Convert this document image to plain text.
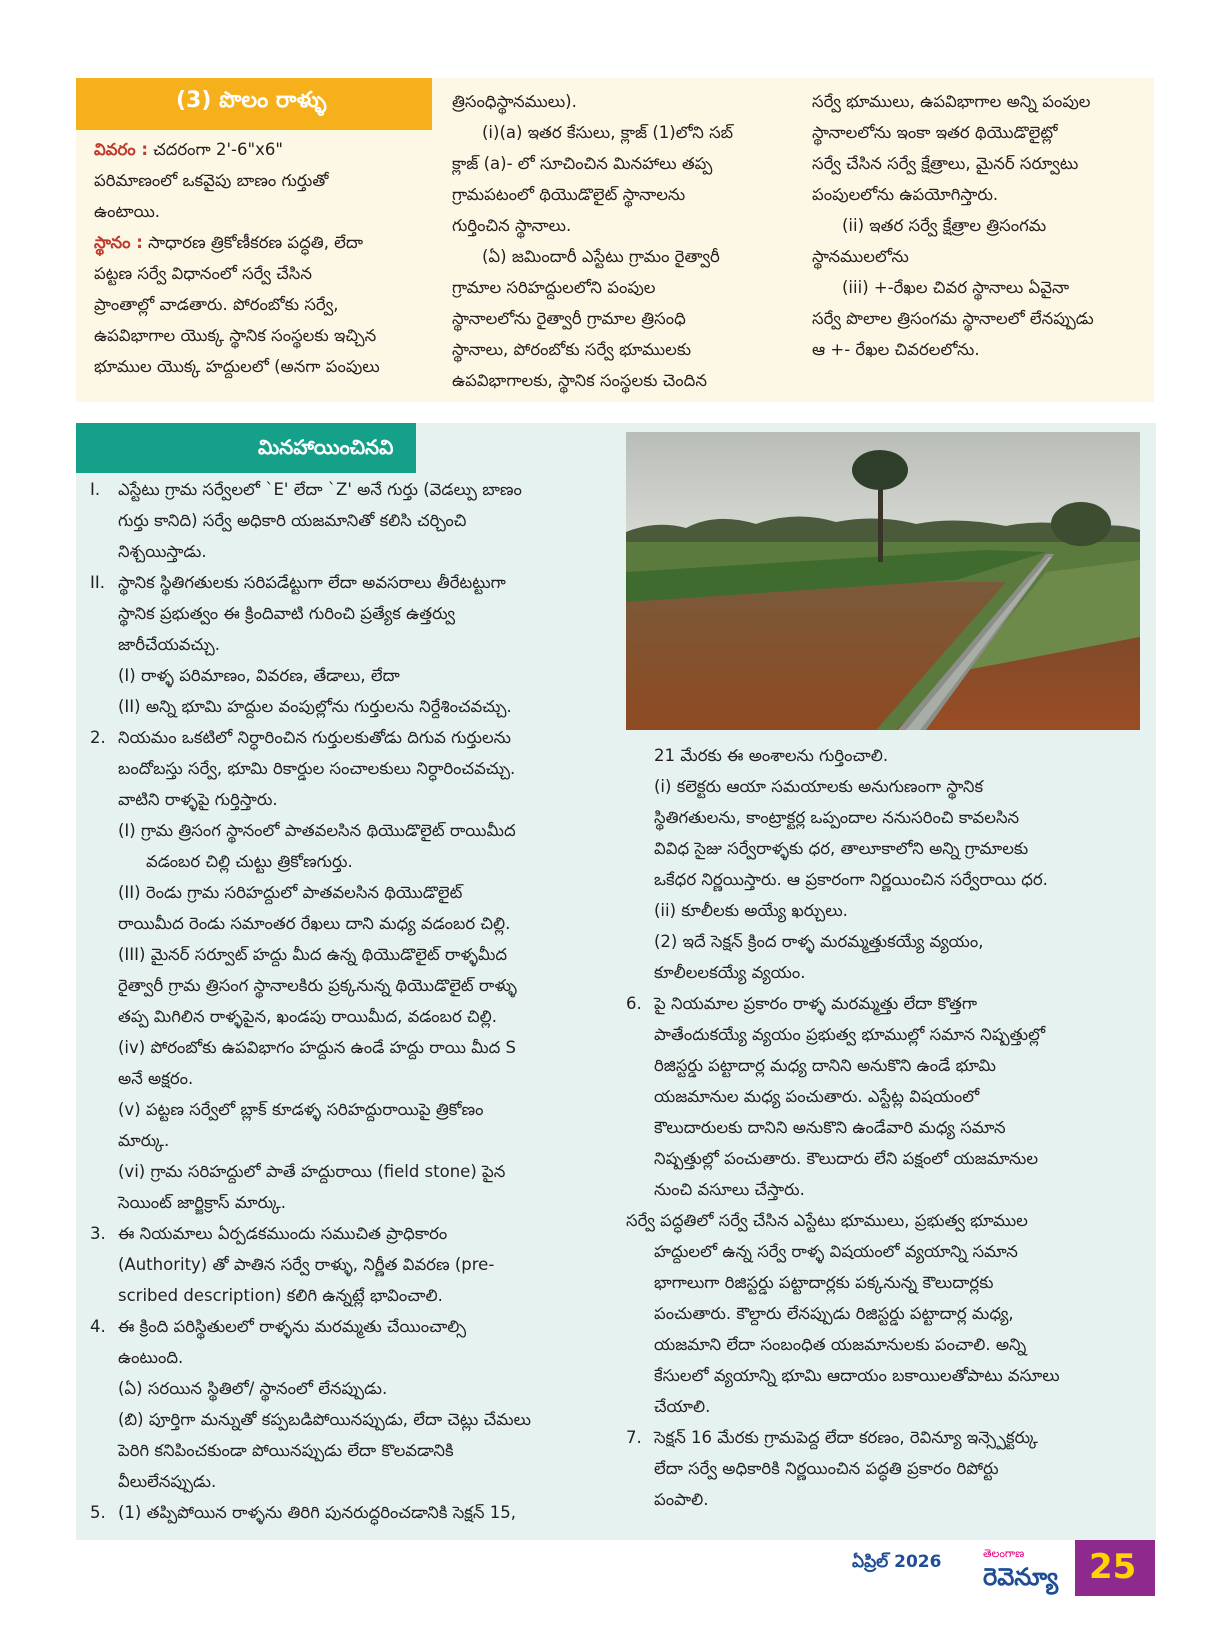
(3) పొలం రాళ్ళు

వివరం : చదరంగా 2'-6"x6"

పరిమాణంలో ఒకవైపు బాణం గుర్తుతో

ఉంటాయి.

స్థానం : సాధారణ త్రికోణీకరణ పద్ధతి, లేదా

పట్టణ సర్వే విధానంలో సర్వే చేసిన

ప్రాంతాల్లో వాడతారు. పోరంబోకు సర్వే,

ఉపవిభాగాల యొక్క స్థానిక సంస్థలకు ఇచ్చిన

భూముల యొక్క హద్దులలో (అనగా పంపులు

త్రిసంధిస్థానములు).

(i)(a) ఇతర కేసులు, క్లాజ్ (1)లోని సబ్

క్లాజ్ (a)- లో సూచించిన మినహాలు తప్ప

గ్రామపటంలో థియొడొలైట్ స్థానాలను

గుర్తించిన స్థానాలు.

(ఏ) జమిందారీ ఎస్టేటు గ్రామం రైత్వారీ

గ్రామాల సరిహద్దులలోని పంపుల

స్థానాలలోను రైత్వారీ గ్రామాల త్రిసంధి

స్థానాలు, పోరంబోకు సర్వే భూములకు

ఉపవిభాగాలకు, స్థానిక సంస్థలకు చెందిన

సర్వే భూములు, ఉపవిభాగాల అన్ని పంపుల

స్థానాలలోను ఇంకా ఇతర థియొడొలైట్లో

సర్వే చేసిన సర్వే క్షేత్రాలు, మైనర్ సర్వూటు

పంపులలోను ఉపయోగిస్తారు.

(ii) ఇతర సర్వే క్షేత్రాల త్రిసంగమ

స్థానములలోను

(iii) +-రేఖల చివర స్థానాలు ఏవైనా

సర్వే పొలాల త్రిసంగమ స్థానాలలో లేనప్పుడు

ఆ +- రేఖల చివరలలోను.

మినహాయించినవి

I. ఎస్టేటు గ్రామ సర్వేలలో `E' లేదా `Z' అనే గుర్తు (వెడల్పు బాణం

గుర్తు కానిది) సర్వే అధికారి యజమానితో కలిసి చర్చించి

నిశ్చయిస్తాడు.

II. స్థానిక స్థితిగతులకు సరిపడేట్టుగా లేదా అవసరాలు తీరేటట్టుగా

స్థానిక ప్రభుత్వం ఈ క్రిందివాటి గురించి ప్రత్యేక ఉత్తర్వు

జారీచేయవచ్చు.

(I) రాళ్ళ పరిమాణం, వివరణ, తేడాలు, లేదా

(II) అన్ని భూమి హద్దుల వంపుల్లోను గుర్తులను నిర్దేశించవచ్చు.

2. నియమం ఒకటిలో నిర్ధారించిన గుర్తులకుతోడు దిగువ గుర్తులను

బందోబస్తు సర్వే, భూమి రికార్డుల సంచాలకులు నిర్ధారించవచ్చు.

వాటిని రాళ్ళపై గుర్తిస్తారు.

(I) గ్రామ త్రిసంగ స్థానంలో పాతవలసిన థియొడొలైట్ రాయిమీద

వడంబర చిల్లి చుట్టు త్రికోణగుర్తు.

(II) రెండు గ్రామ సరిహద్దులో పాతవలసిన థియొడొలైట్

రాయిమీద రెండు సమాంతర రేఖలు దాని మధ్య వడంబర చిల్లి.

(III) మైనర్ సర్వూట్ హద్దు మీద ఉన్న థియొడొలైట్ రాళ్ళమీద

రైత్వారీ గ్రామ త్రిసంగ స్థానాలకిరు ప్రక్కనున్న థియొడొలైట్ రాళ్ళు

తప్ప మిగిలిన రాళ్ళపైన, ఖండపు రాయిమీద, వడంబర చిల్లి.

(iv) పోరంబోకు ఉపవిభాగం హద్దున ఉండే హద్దు రాయి మీద S

అనే అక్షరం.

(v) పట్టణ సర్వేలో బ్లాక్ కూడళ్ళ సరిహద్దురాయిపై త్రికోణం

మార్కు.

(vi) గ్రామ సరిహద్దులో పాతే హద్దురాయి (field stone) పైన

సెయింట్ జార్జిక్రాస్ మార్కు.

3. ఈ నియమాలు ఏర్పడకముందు సముచిత ప్రాధికారం

(Authority) తో పాతిన సర్వే రాళ్ళు, నిర్ణీత వివరణ (pre-

scribed description) కలిగి ఉన్నట్లే భావించాలి.

4. ఈ క్రింది పరిస్థితులలో రాళ్ళను మరమ్మతు చేయించాల్సి

ఉంటుంది.

(ఏ) సరయిన స్థితిలో/ స్థానంలో లేనప్పుడు.

(బి) పూర్తిగా మన్నుతో కప్పబడిపోయినప్పుడు, లేదా చెట్లు చేమలు

పెరిగి కనిపించకుండా పోయినప్పుడు లేదా కొలవడానికి

వీలులేనప్పుడు.

5. (1) తప్పిపోయిన రాళ్ళను తిరిగి పునరుద్ధరించడానికి సెక్షన్ 15,

21 మేరకు ఈ అంశాలను గుర్తించాలి.

(i) కలెక్టరు ఆయా సమయాలకు అనుగుణంగా స్థానిక

స్థితిగతులను, కాంట్రాక్టర్ల ఒప్పందాల ననుసరించి కావలసిన

వివిధ సైజు సర్వేరాళ్ళకు ధర, తాలూకాలోని అన్ని గ్రామాలకు

ఒకేధర నిర్ణయిస్తారు. ఆ ప్రకారంగా నిర్ణయించిన సర్వేరాయి ధర.

(ii) కూలీలకు అయ్యే ఖర్చులు.

(2) ఇదే సెక్షన్ క్రింద రాళ్ళ మరమ్మత్తుకయ్యే వ్యయం,

కూలీలలకయ్యే వ్యయం.

6. పై నియమాల ప్రకారం రాళ్ళ మరమ్మత్తు లేదా కొత్తగా

పాతేందుకయ్యే వ్యయం ప్రభుత్వ భూముల్లో సమాన నిష్పత్తుల్లో

రిజిస్టర్డు పట్టాదార్ల మధ్య దానిని అనుకొని ఉండే భూమి

యజమానుల మధ్య పంచుతారు. ఎస్టేట్ల విషయంలో

కౌలుదారులకు దానిని అనుకొని ఉండేవారి మధ్య సమాన

నిష్పత్తుల్లో పంచుతారు. కౌలుదారు లేని పక్షంలో యజమానుల

నుంచి వసూలు చేస్తారు.

సర్వే పద్ధతిలో సర్వే చేసిన ఎస్టేటు భూములు, ప్రభుత్వ భూముల

హద్దులలో ఉన్న సర్వే రాళ్ళ విషయంలో వ్యయాన్ని సమాన

భాగాలుగా రిజిస్టర్డు పట్టాదార్లకు పక్కనున్న కౌలుదార్లకు

పంచుతారు. కౌల్దారు లేనప్పుడు రిజిస్టర్డు పట్టాదార్ల మధ్య,

యజమాని లేదా సంబంధిత యజమానులకు పంచాలి. అన్ని

కేసులలో వ్యయాన్ని భూమి ఆదాయం బకాయిలతోపాటు వసూలు

చేయాలి.

7. సెక్షన్ 16 మేరకు గ్రామపెద్ద లేదా కరణం, రెవిన్యూ ఇన్స్పెక్టర్కు

లేదా సర్వే అధికారికి నిర్ణయించిన పద్ధతి ప్రకారం రిపోర్టు

పంపాలి.

ఏప్రిల్ 2026	తెలంగాణ
రెవెన్యూ 25
